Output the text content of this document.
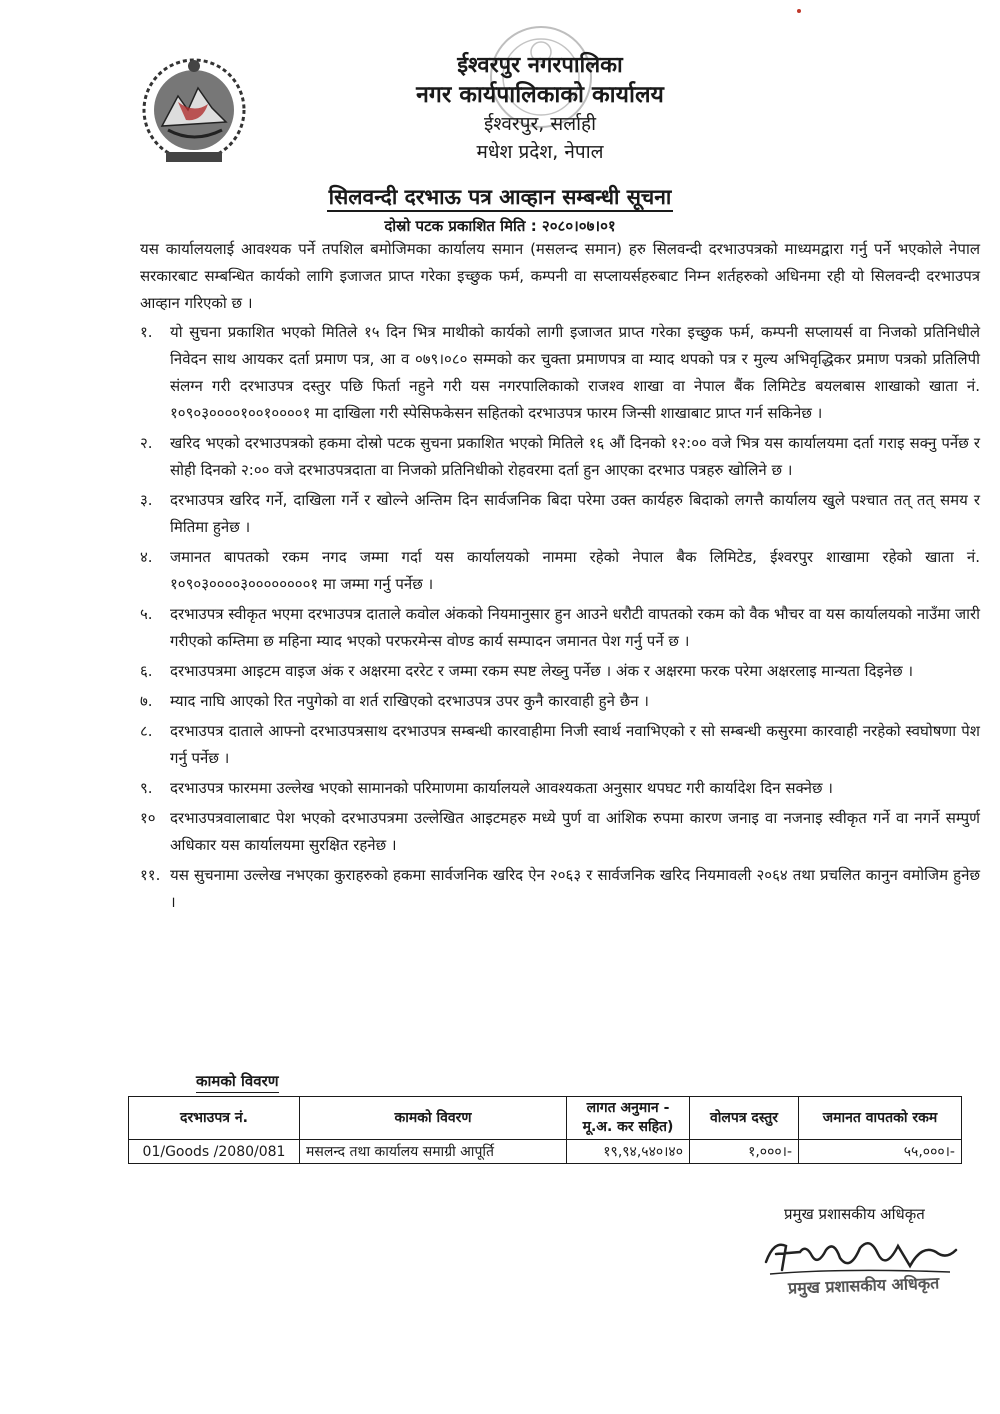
ईश्वरपुर नगरपालिका
नगर कार्यपालिकाको कार्यालय
ईश्वरपुर, सर्लाही
मधेश प्रदेश, नेपाल
सिलवन्दी दरभाऊ पत्र आव्हान सम्बन्धी सूचना
दोस्रो पटक प्रकाशित मिति : २०८०।०७।०१

यस कार्यालयलाई आवश्यक पर्ने तपशिल बमोजिमका कार्यालय समान (मसलन्द समान) हरु सिलवन्दी दरभाउपत्रको माध्यमद्वारा गर्नु पर्ने भएकोले नेपाल सरकारबाट सम्बन्धित कार्यको लागि इजाजत प्राप्त गरेका इच्छुक फर्म, कम्पनी वा सप्लायर्सहरुबाट निम्न शर्तहरुको अधिनमा रही यो सिलवन्दी दरभाउपत्र आव्हान गरिएको छ ।

१.	यो सुचना प्रकाशित भएको मितिले १५ दिन भित्र माथीको कार्यको लागी इजाजत प्राप्त गरेका इच्छुक फर्म, कम्पनी सप्लायर्स वा निजको प्रतिनिधीले निवेदन साथ आयकर दर्ता प्रमाण पत्र, आ व ०७९।०८० सम्मको कर चुक्ता प्रमाणपत्र वा म्याद थपको पत्र र मुल्य अभिवृद्धिकर प्रमाण पत्रको प्रतिलिपी संलग्न गरी दरभाउपत्र दस्तुर पछि फिर्ता नहुने गरी यस नगरपालिकाको राजश्व शाखा वा नेपाल बैंक लिमिटेड बयलबास शाखाको खाता नं. १०९०३००००१००१००००१ मा दाखिला गरी स्पेसिफकेसन सहितको दरभाउपत्र फारम जिन्सी शाखाबाट प्राप्त गर्न सकिनेछ ।
२.	खरिद भएको दरभाउपत्रको हकमा दोस्रो पटक सुचना प्रकाशित भएको मितिले १६ औं दिनको १२:०० वजे भित्र यस कार्यालयमा दर्ता गराइ सक्नु पर्नेछ र सोही दिनको २:०० वजे दरभाउपत्रदाता वा निजको प्रतिनिधीको रोहवरमा दर्ता हुन आएका दरभाउ पत्रहरु खोलिने छ ।
३.	दरभाउपत्र खरिद गर्ने, दाखिला गर्ने र खोल्ने अन्तिम दिन सार्वजनिक बिदा परेमा उक्त कार्यहरु बिदाको लगत्तै कार्यालय खुले पश्चात तत् तत् समय र मितिमा हुनेछ ।
४.	जमानत बापतको रकम नगद जम्मा गर्दा यस कार्यालयको नाममा रहेको नेपाल बैक लिमिटेड, ईश्वरपुर शाखामा रहेको खाता नं. १०९०३००००३००००००००१ मा जम्मा गर्नु पर्नेछ ।
५.	दरभाउपत्र स्वीकृत भएमा दरभाउपत्र दाताले कवोल अंकको नियमानुसार हुन आउने धरौटी वापतको रकम को वैक भौचर वा यस कार्यालयको नाउँमा जारी गरीएको कम्तिमा छ महिना म्याद भएको परफरमेन्स वोण्ड कार्य सम्पादन जमानत पेश गर्नु पर्ने छ ।
६.	दरभाउपत्रमा आइटम वाइज अंक र अक्षरमा दररेट र जम्मा रकम स्पष्ट लेख्नु पर्नेछ । अंक र अक्षरमा फरक परेमा अक्षरलाइ मान्यता दिइनेछ ।
७.	म्याद नाघि आएको रित नपुगेको वा शर्त राखिएको दरभाउपत्र उपर कुनै कारवाही हुने छैन ।
८.	दरभाउपत्र दाताले आफ्नो दरभाउपत्रसाथ दरभाउपत्र सम्बन्धी कारवाहीमा निजी स्वार्थ नवाभिएको र सो सम्बन्धी कसुरमा कारवाही नरहेको स्वघोषणा पेश गर्नु पर्नेछ ।
९.	दरभाउपत्र फारममा उल्लेख भएको सामानको परिमाणमा कार्यालयले आवश्यकता अनुसार थपघट गरी कार्यादेश दिन सक्नेछ ।
१० दरभाउपत्रवालाबाट पेश भएको दरभाउपत्रमा उल्लेखित आइटमहरु मध्ये पुर्ण वा आंशिक रुपमा कारण जनाइ वा नजनाइ स्वीकृत गर्ने वा नगर्ने सम्पुर्ण अधिकार यस कार्यालयमा सुरक्षित रहनेछ ।
११. यस सुचनामा उल्लेख नभएका कुराहरुको हकमा सार्वजनिक खरिद ऐन २०६३ र सार्वजनिक खरिद नियमावली २०६४ तथा प्रचलित कानुन वमोजिम हुनेछ ।
कामको विवरण
दरभाउपत्र नं.	कामको विवरण	लागत अनुमान - मू.अ. कर सहित)	वोलपत्र दस्तुर	जमानत वापतको रकम
01/Goods /2080/081	मसलन्द तथा कार्यालय समाग्री आपूर्ति	१९,९४,५४०।४०	१,०००।-	५५,०००।-
प्रमुख प्रशासकीय अधिकृत
प्रमुख प्रशासकीय अधिकृत
